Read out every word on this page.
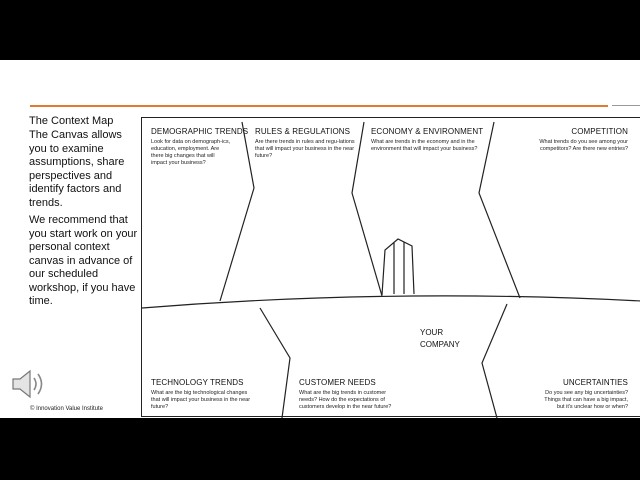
The Context Map

The Canvas allows you to examine assumptions, share perspectives and identify factors and trends.

We recommend that you start work on your personal context canvas in advance of our scheduled workshop, if you have time.

© Innovation Value Institute
DEMOGRAPHIC TRENDS
Look for data on demograph-ics, education, employment. Are there big changes that will impact your business?
RULES & REGULATIONS
Are there trends in rules and regu-lations that will impact your business in the near future?
ECONOMY & ENVIRONMENT
What are trends in the economy and in the environment that will impact your business?
COMPETITION
What trends do you see among your competitors? Are there new entries?
YOUR
COMPANY
TECHNOLOGY TRENDS
What are the big technological changes that will impact your business in the near future?
CUSTOMER NEEDS
What are the big trends in customer needs? How do the expectations of customers develop in the near future?
UNCERTAINTIES
Do you see any big uncertainties? Things that can have a big impact, but it's unclear how or when?
